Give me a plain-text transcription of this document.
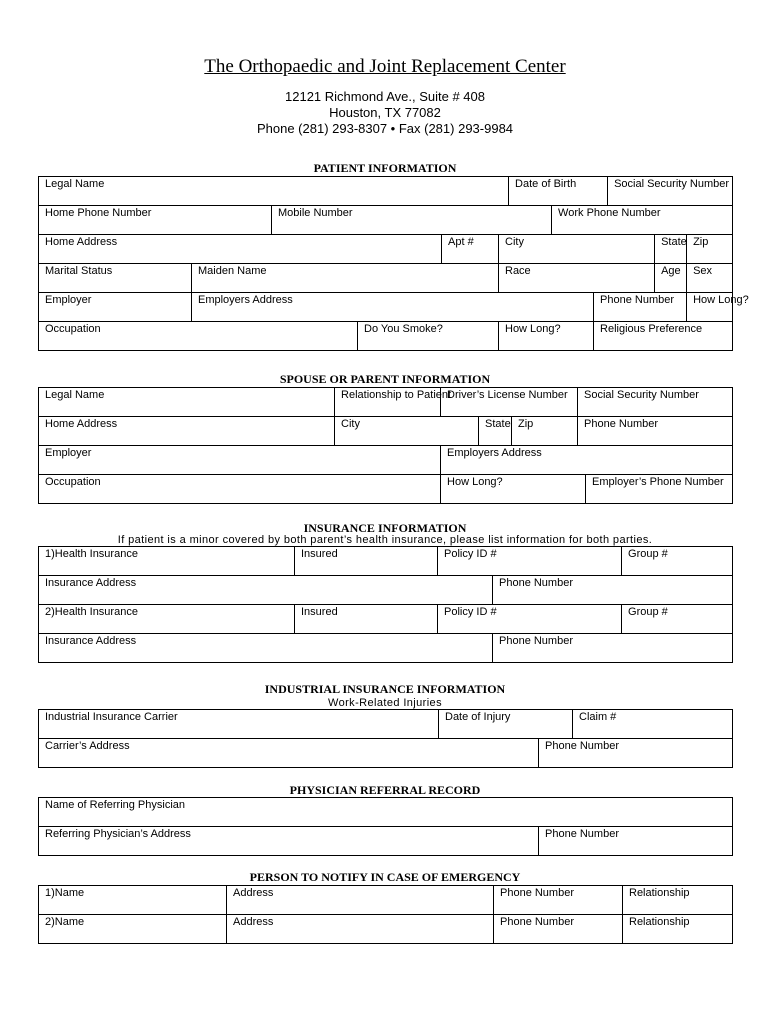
The Orthopaedic and Joint Replacement Center
12121 Richmond Ave., Suite # 408
Houston, TX 77082
Phone (281) 293-8307 • Fax (281) 293-9984
PATIENT INFORMATION
Legal Name						Date of Birth			Social Security Number		
Home Phone Number		Mobile Number					Work Phone Number				
Home Address				Apt #	City					State	Zip
Marital Status	Maiden Name				Race					Age	Sex
Employer	Employers Address							Phone Number			How Long?
Occupation			Do You Smoke?		How Long?			Religious Preference			
SPOUSE OR PARENT INFORMATION
Legal Name	Relationship to Patient	Driver’s License Number			Social Security Number	
Home Address	City		State	Zip	Phone Number	
Employer		Employers Address				
Occupation		How Long?				Employer’s Phone Number
INSURANCE INFORMATION
If patient is a minor covered by both parent’s health insurance, please list information for both parties.
1)Health Insurance	Insured	Policy ID #		Group #
Insurance Address			Phone Number	
2)Health Insurance	Insured	Policy ID #		Group #
Insurance Address			Phone Number	
INDUSTRIAL INSURANCE INFORMATION
Work-Related Injuries
Industrial Insurance Carrier	Date of Injury		Claim #
Carrier’s Address		Phone Number	
PHYSICIAN REFERRAL RECORD
Name of Referring Physician
Referring Physician’s Address	Phone Number
PERSON TO NOTIFY IN CASE OF EMERGENCY
1)Name	Address	Phone Number	Relationship
2)Name	Address	Phone Number	Relationship
